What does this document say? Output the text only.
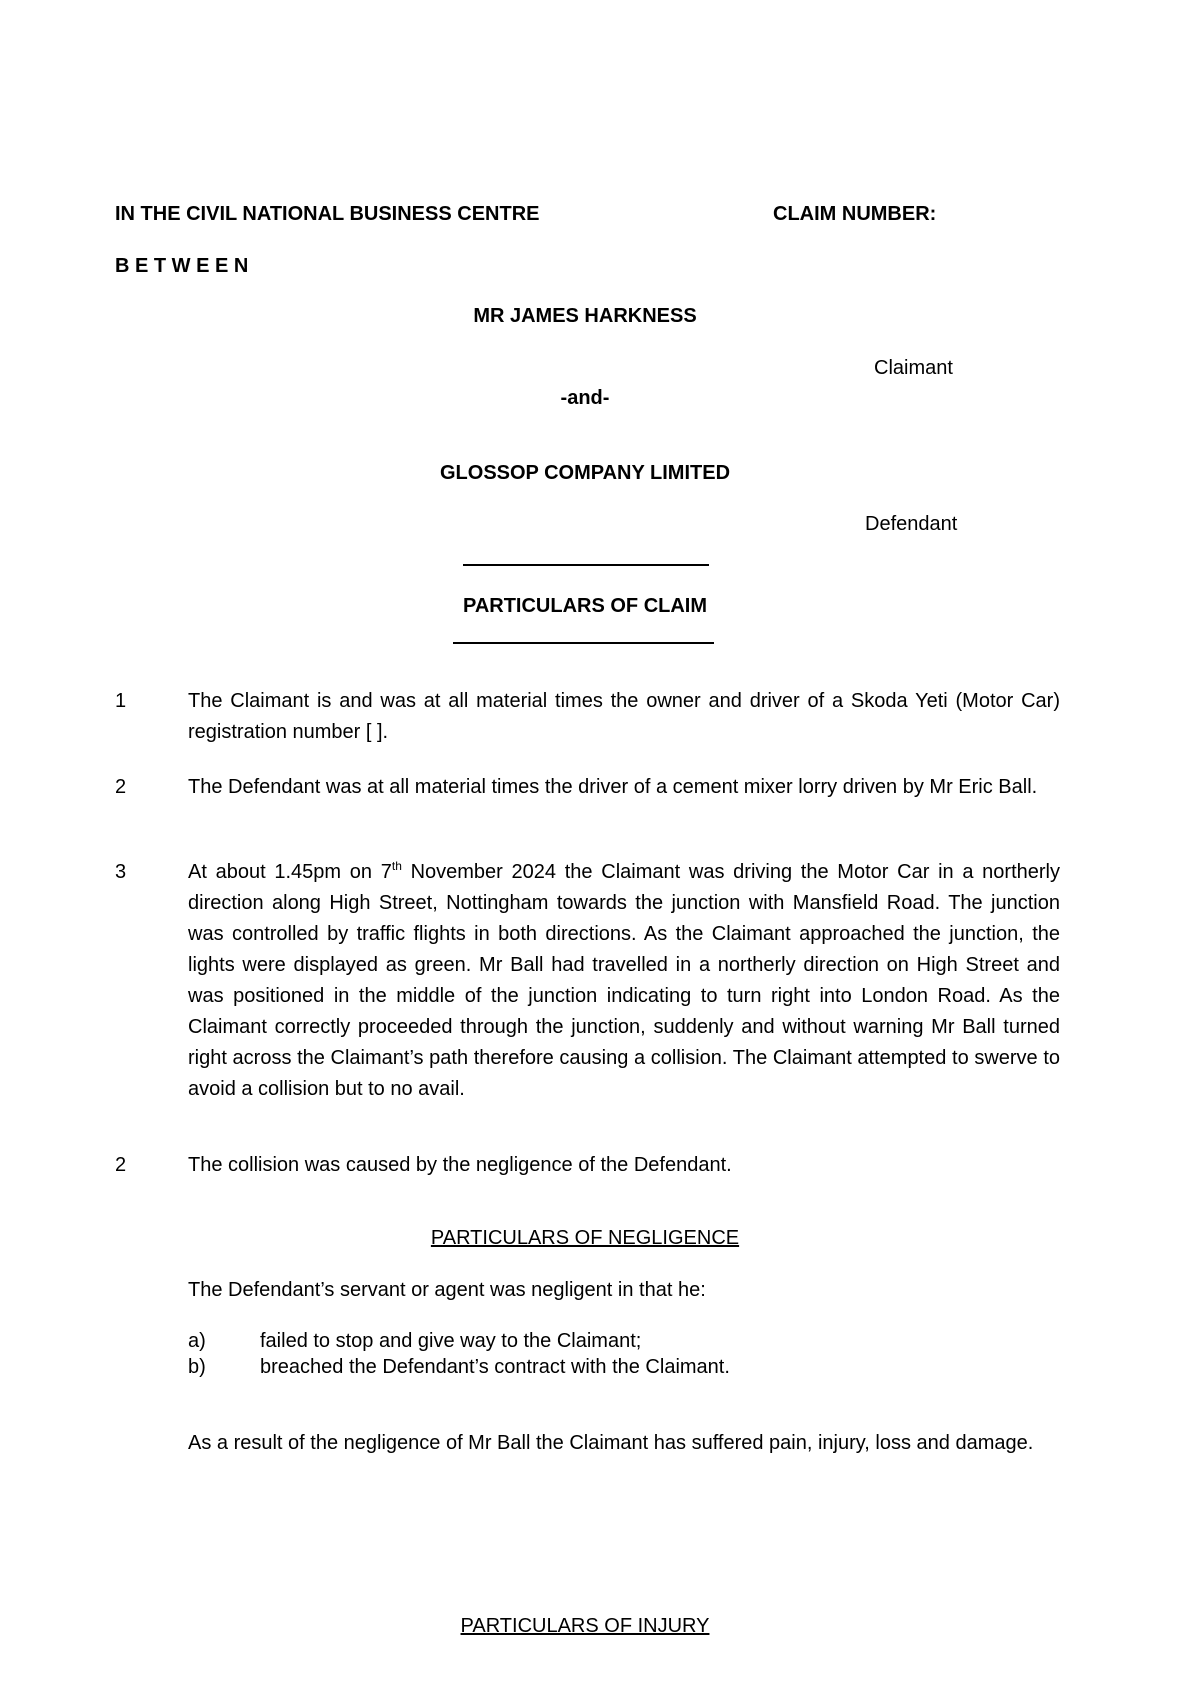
IN THE CIVIL NATIONAL BUSINESS CENTRE	CLAIM NUMBER:
B E T W E E N
MR JAMES HARKNESS
Claimant
-and-
GLOSSOP COMPANY LIMITED
Defendant
PARTICULARS OF CLAIM
1	The Claimant is and was at all material times the owner and driver of a Skoda Yeti (Motor Car) registration number [ ].
2	The Defendant was at all material times the driver of a cement mixer lorry driven by Mr Eric Ball.
3	At about 1.45pm on 7th November 2024 the Claimant was driving the Motor Car in a northerly direction along High Street, Nottingham towards the junction with Mansfield Road. The junction was controlled by traffic flights in both directions. As the Claimant approached the junction, the lights were displayed as green. Mr Ball had travelled in a northerly direction on High Street and was positioned in the middle of the junction indicating to turn right into London Road. As the Claimant correctly proceeded through the junction, suddenly and without warning Mr Ball turned right across the Claimant’s path therefore causing a collision. The Claimant attempted to swerve to avoid a collision but to no avail.
2	The collision was caused by the negligence of the Defendant.
PARTICULARS OF NEGLIGENCE
The Defendant’s servant or agent was negligent in that he:
a)	failed to stop and give way to the Claimant;
b)	breached the Defendant’s contract with the Claimant.
As a result of the negligence of Mr Ball the Claimant has suffered pain, injury, loss and damage.
PARTICULARS OF INJURY
